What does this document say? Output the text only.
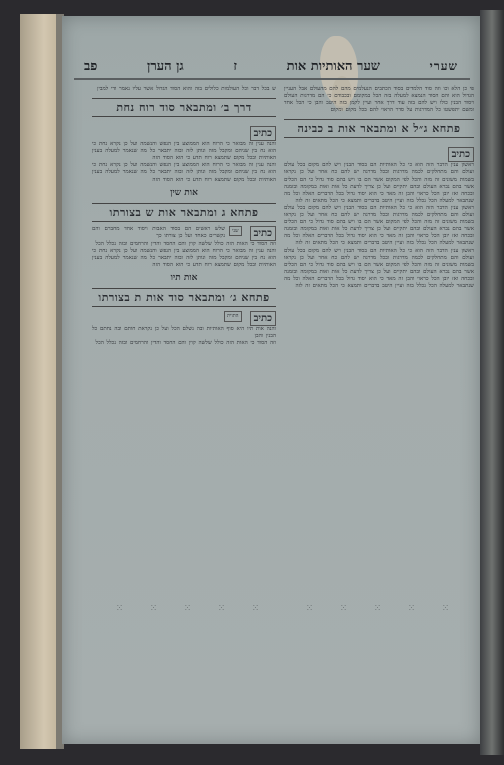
שערי
שער האותיות אות
ז
גן הערן
פב
פי כן הלא וכו וזה סוד הלמדים בסוד הכתבים הנעלמים מהם להם מהעולם אבל העניין הגדול הוא והם הסוד הנמצא למעלה בזה הכל במקומם ובכבודם כי הם מדרגות העולם ויסוד הבנין כולו ויש להם בזה עוד דרך אחר ועיין לקמן בזה היטב והבן כי הכל אחד ומשם יתפשטו כל המדרגות על סדר הראוי להם בכל מקום ומקום
פתחא ג״ל א ומתבאר אות ב כבינה
כתיב
ראשון ענין הדבר הזה הוא כי כל האותיות הם בסוד הבנין ויש להם מקום בכל עולם ועולם והם מתחלקים לכמה מדרגות ובכל מדרגה יש להם כח אחר ועל כן נקראו בשמות משונים זה מזה והכל לפי המקום אשר הם בו ויש בהם סוד גדול כי הם הכלים אשר בהם נברא העולם ובהם יתקיים ועל כן צריך לדעת כל אות ואות במקומה ובזמנה ובכחה ואז יובן הכל כראוי והבן זה מאד כי הוא יסוד גדול בכל הדברים האלה וכל מה שנתבאר למעלה הכל נכלל בזה ועיין היטב בדברים ותמצא כי הכל מתאים זה לזה
ראשון ענין הדבר הזה הוא כי כל האותיות הם בסוד הבנין ויש להם מקום בכל עולם ועולם והם מתחלקים לכמה מדרגות ובכל מדרגה יש להם כח אחר ועל כן נקראו בשמות משונים זה מזה והכל לפי המקום אשר הם בו ויש בהם סוד גדול כי הם הכלים אשר בהם נברא העולם ובהם יתקיים ועל כן צריך לדעת כל אות ואות במקומה ובזמנה ובכחה ואז יובן הכל כראוי והבן זה מאד כי הוא יסוד גדול בכל הדברים האלה וכל מה שנתבאר למעלה הכל נכלל בזה ועיין היטב בדברים ותמצא כי הכל מתאים זה לזה
ראשון ענין הדבר הזה הוא כי כל האותיות הם בסוד הבנין ויש להם מקום בכל עולם ועולם והם מתחלקים לכמה מדרגות ובכל מדרגה יש להם כח אחר ועל כן נקראו בשמות משונים זה מזה והכל לפי המקום אשר הם בו ויש בהם סוד גדול כי הם הכלים אשר בהם נברא העולם ובהם יתקיים ועל כן צריך לדעת כל אות ואות במקומה ובזמנה ובכחה ואז יובן הכל כראוי והבן זה מאד כי הוא יסוד גדול בכל הדברים האלה וכל מה שנתבאר למעלה הכל נכלל בזה ועיין היטב בדברים ותמצא כי הכל מתאים זה לזה
ש בכל דבר וכל העולמות כלולים בזה והוא הסוד הגדול אשר עליו נאמר ודי למבין
דרך ב׳ ומתבאר סוד רוח נחת
כתיב
והנה ענין זה מבואר כי הרוח הוא הממוצע בין הנפש והנשמה ועל כן נקרא נחת כי הוא נח בין שניהם ומקבל מזה ונותן לזה ובזה יתבאר כל מה שנאמר למעלה בענין האותיות ובכל מקום שתמצא רוח תדע כי הוא הסוד הזה
והנה ענין זה מבואר כי הרוח הוא הממוצע בין הנפש והנשמה ועל כן נקרא נחת כי הוא נח בין שניהם ומקבל מזה ונותן לזה ובזה יתבאר כל מה שנאמר למעלה בענין האותיות ובכל מקום שתמצא רוח תדע כי הוא הסוד הזה
אות שין
פתחא ג ומתבאר אות ש בצורתו
כתיב
שני
שלש ראשים הם בסוד האבות ויסוד אחד מחברם והם נקשרים כאחד ועל כן צורתו כך
וזה הסוד כי האות הזה כולל שלשה קוין והם החסד והדין והרחמים ובזה נכלל הכל
והנה ענין זה מבואר כי הרוח הוא הממוצע בין הנפש והנשמה ועל כן נקרא נחת כי הוא נח בין שניהם ומקבל מזה ונותן לזה ובזה יתבאר כל מה שנאמר למעלה בענין האותיות ובכל מקום שתמצא רוח תדע כי הוא הסוד הזה
אות תיו
פתחא ג׳ ומתבאר סוד אות ת בצורתו
כתיב
התוית
והנה אות תיו היא סוף האותיות ובה נשלם הכל ועל כן נקראת חותם ובה נחתם כל הבנין והבן
וזה הסוד כי האות הזה כולל שלשה קוין והם החסד והדין והרחמים ובזה נכלל הכל
ⵘ	ⵘ	ⵘ	ⵘ	ⵘ	ⵘ	ⵘ	ⵘ	ⵘ	ⵘ
